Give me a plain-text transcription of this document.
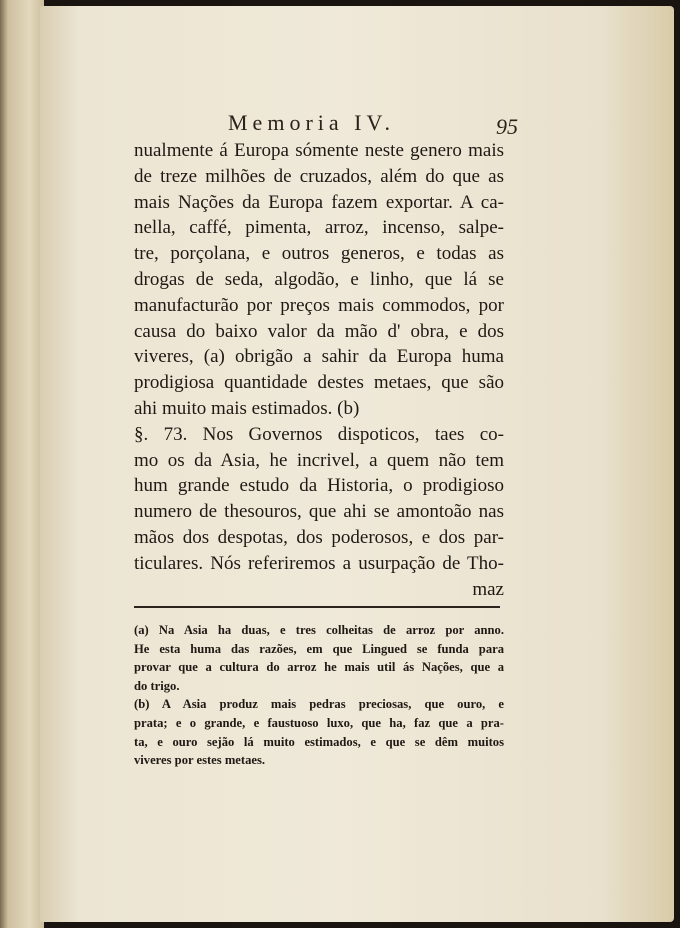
Memoria IV.	95
nualmente á Europa sómente neste genero mais
de treze milhões de cruzados, além do que as
mais Nações da Europa fazem exportar. A ca-
nella, caffé, pimenta, arroz, incenso, salpe-
tre, porçolana, e outros generos, e todas as
drogas de seda, algodão, e linho, que lá se
manufacturão por preços mais commodos, por
causa do baixo valor da mão d' obra, e dos
viveres, (a) obrigão a sahir da Europa huma
prodigiosa quantidade destes metaes, que são
ahi muito mais estimados. (b)
§. 73. Nos Governos dispoticos, taes co-
mo os da Asia, he incrivel, a quem não tem
hum grande estudo da Historia, o prodigioso
numero de thesouros, que ahi se amontoão nas
mãos dos despotas, dos poderosos, e dos par-
ticulares. Nós referiremos a usurpação de Tho-
maz
(a) Na Asia ha duas, e tres colheitas de arroz por anno.
He esta huma das razões, em que Lingued se funda para
provar que a cultura do arroz he mais util ás Nações, que a
do trigo.
(b) A Asia produz mais pedras preciosas, que ouro, e
prata; e o grande, e faustuoso luxo, que ha, faz que a pra-
ta, e ouro sejão lá muito estimados, e que se dêm muitos
viveres por estes metaes.
